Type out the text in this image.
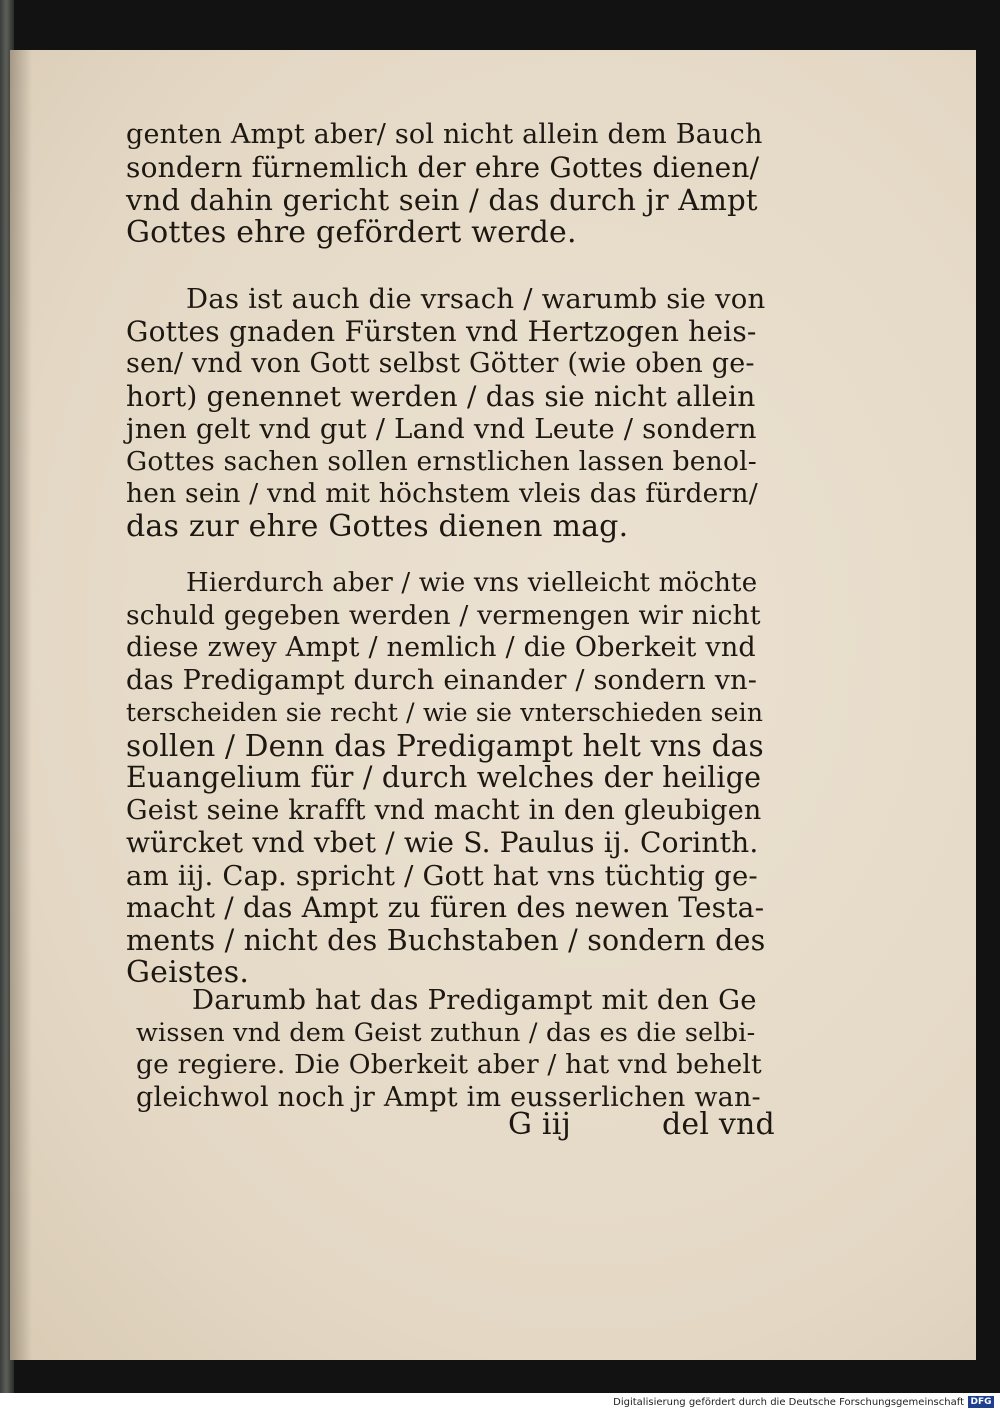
genten Ampt aber/ sol nicht allein dem Bauch
sondern fürnemlich der ehre Gottes dienen/
vnd dahin gericht sein / das durch jr Ampt
Gottes ehre gefördert werde.
Das ist auch die vrsach / warumb sie von
Gottes gnaden Fürsten vnd Hertzogen heis-
sen/ vnd von Gott selbst Götter (wie oben ge-
hort) genennet werden / das sie nicht allein
jnen gelt vnd gut / Land vnd Leute / sondern
Gottes sachen sollen ernstlichen lassen benol-
hen sein / vnd mit höchstem vleis das fürdern/
das zur ehre Gottes dienen mag.
Hierdurch aber / wie vns vielleicht möchte
schuld gegeben werden / vermengen wir nicht
diese zwey Ampt / nemlich / die Oberkeit vnd
das Predigampt durch einander / sondern vn-
terscheiden sie recht / wie sie vnterschieden sein
sollen / Denn das Predigampt helt vns das
Euangelium für / durch welches der heilige
Geist seine krafft vnd macht in den gleubigen
würcket vnd vbet / wie S. Paulus ij. Corinth.
am iij. Cap. spricht / Gott hat vns tüchtig ge-
macht / das Ampt zu füren des newen Testa-
ments / nicht des Buchstaben / sondern des
Geistes.
Darumb hat das Predigampt mit den Ge
wissen vnd dem Geist zuthun / das es die selbi-
ge regiere. Die Oberkeit aber / hat vnd behelt
gleichwol noch jr Ampt im eusserlichen wan-
G iij	del vnd
Digitalisierung gefördert durch die Deutsche Forschungsgemeinschaft DFG
